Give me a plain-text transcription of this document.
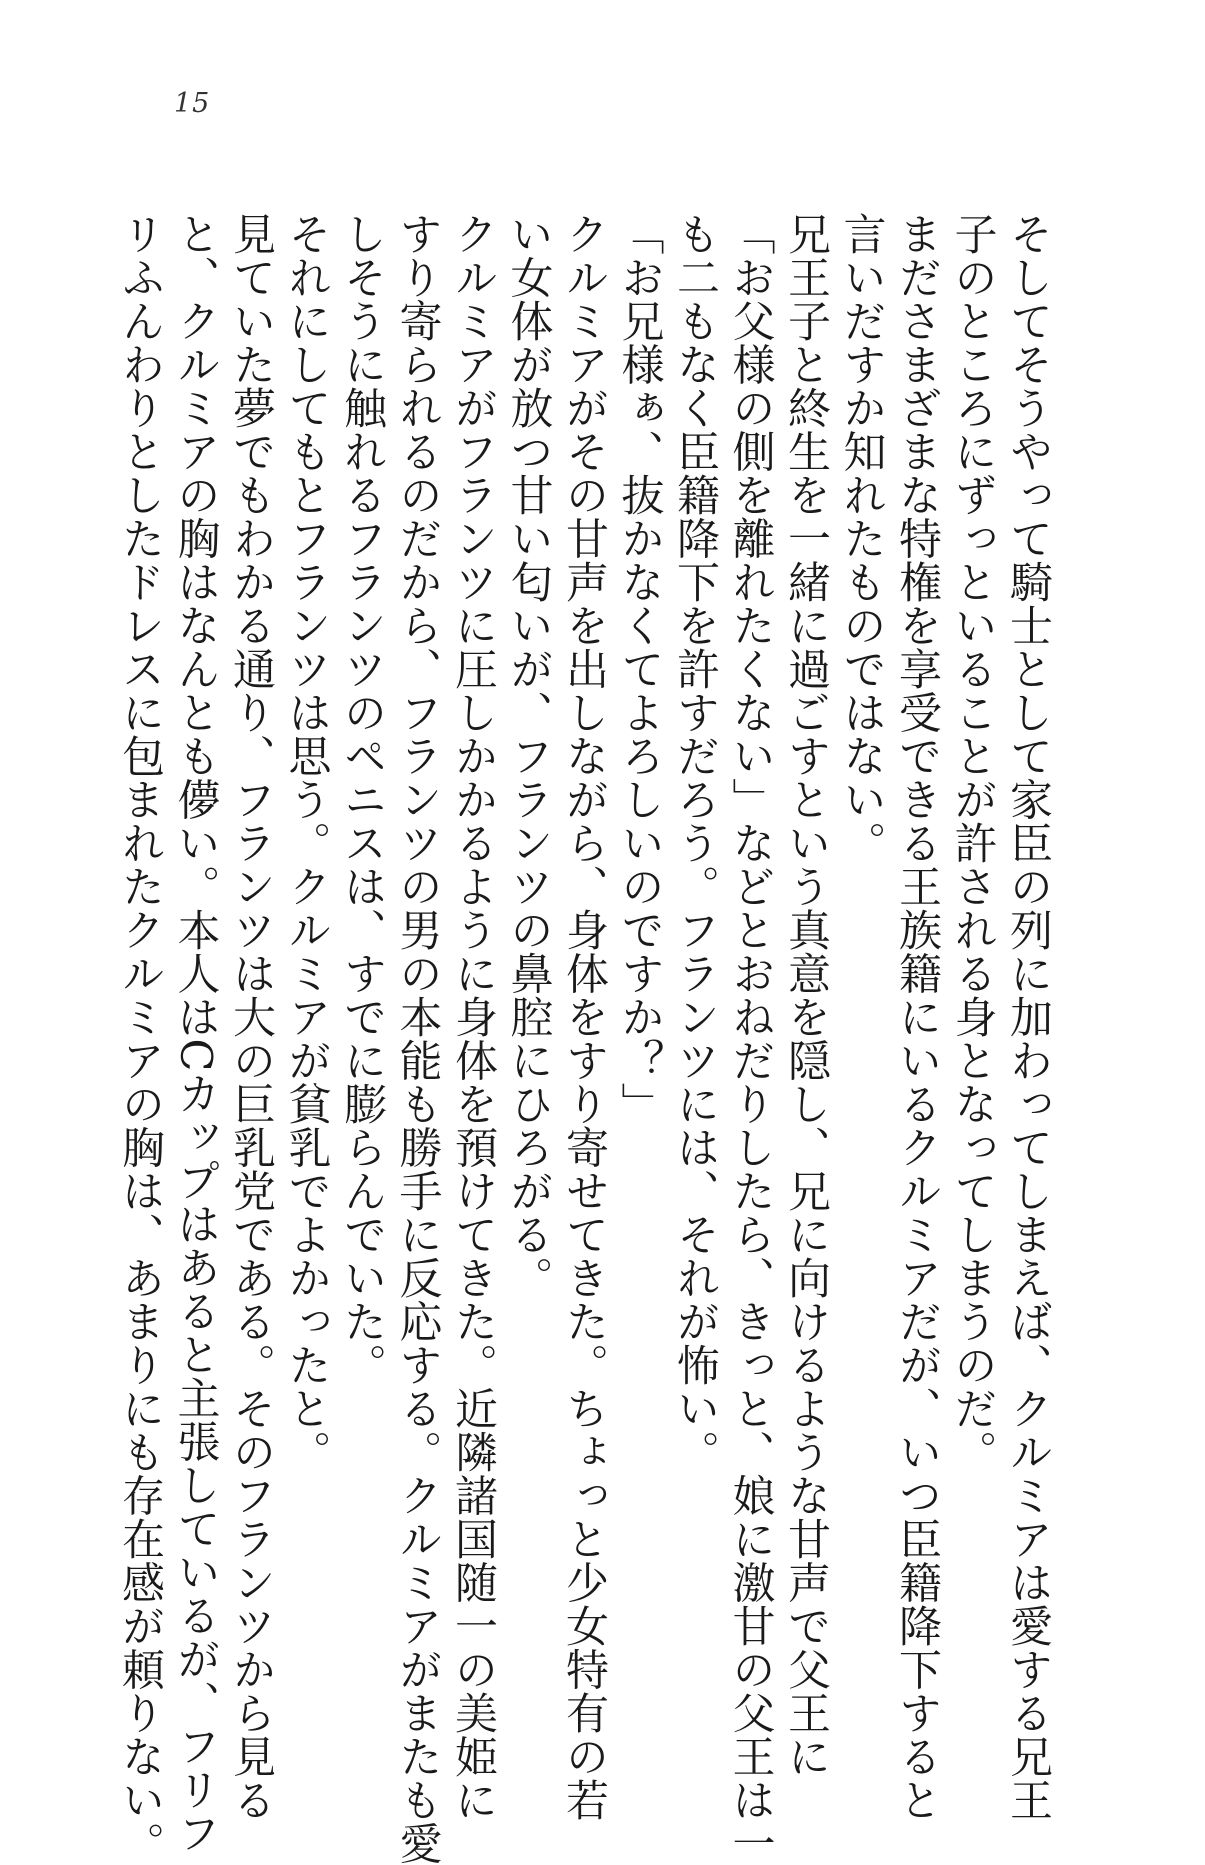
15
そしてそうやって騎士として家臣の列に加わってしまえば、クルミアは愛する兄王
子のところにずっといることが許される身となってしまうのだ。
まださまざまな特権を享受できる王族籍にいるクルミアだが、いつ臣籍降下すると
言いだすか知れたものではない。
兄王子と終生を一緒に過ごすという真意を隠し、兄に向けるような甘声で父王に
「お父様の側を離れたくない」などとおねだりしたら、きっと、娘に激甘の父王は一
も二もなく臣籍降下を許すだろう。フランツには、それが怖い。
「お兄様ぁ、抜かなくてよろしいのですか？」
クルミアがその甘声を出しながら、身体をすり寄せてきた。ちょっと少女特有の若
い女体が放つ甘い匂いが、フランツの鼻腔にひろがる。
クルミアがフランツに圧しかかるように身体を預けてきた。近隣諸国随一の美姫に
すり寄られるのだから、フランツの男の本能も勝手に反応する。クルミアがまたも愛
しそうに触れるフランツのペニスは、すでに膨らんでいた。
それにしてもとフランツは思う。クルミアが貧乳でよかったと。
見ていた夢でもわかる通り、フランツは大の巨乳党である。そのフランツから見る
と、クルミアの胸はなんとも儚い。本人はCカップはあると主張しているが、フリフ
リふんわりとしたドレスに包まれたクルミアの胸は、あまりにも存在感が頼りない。
